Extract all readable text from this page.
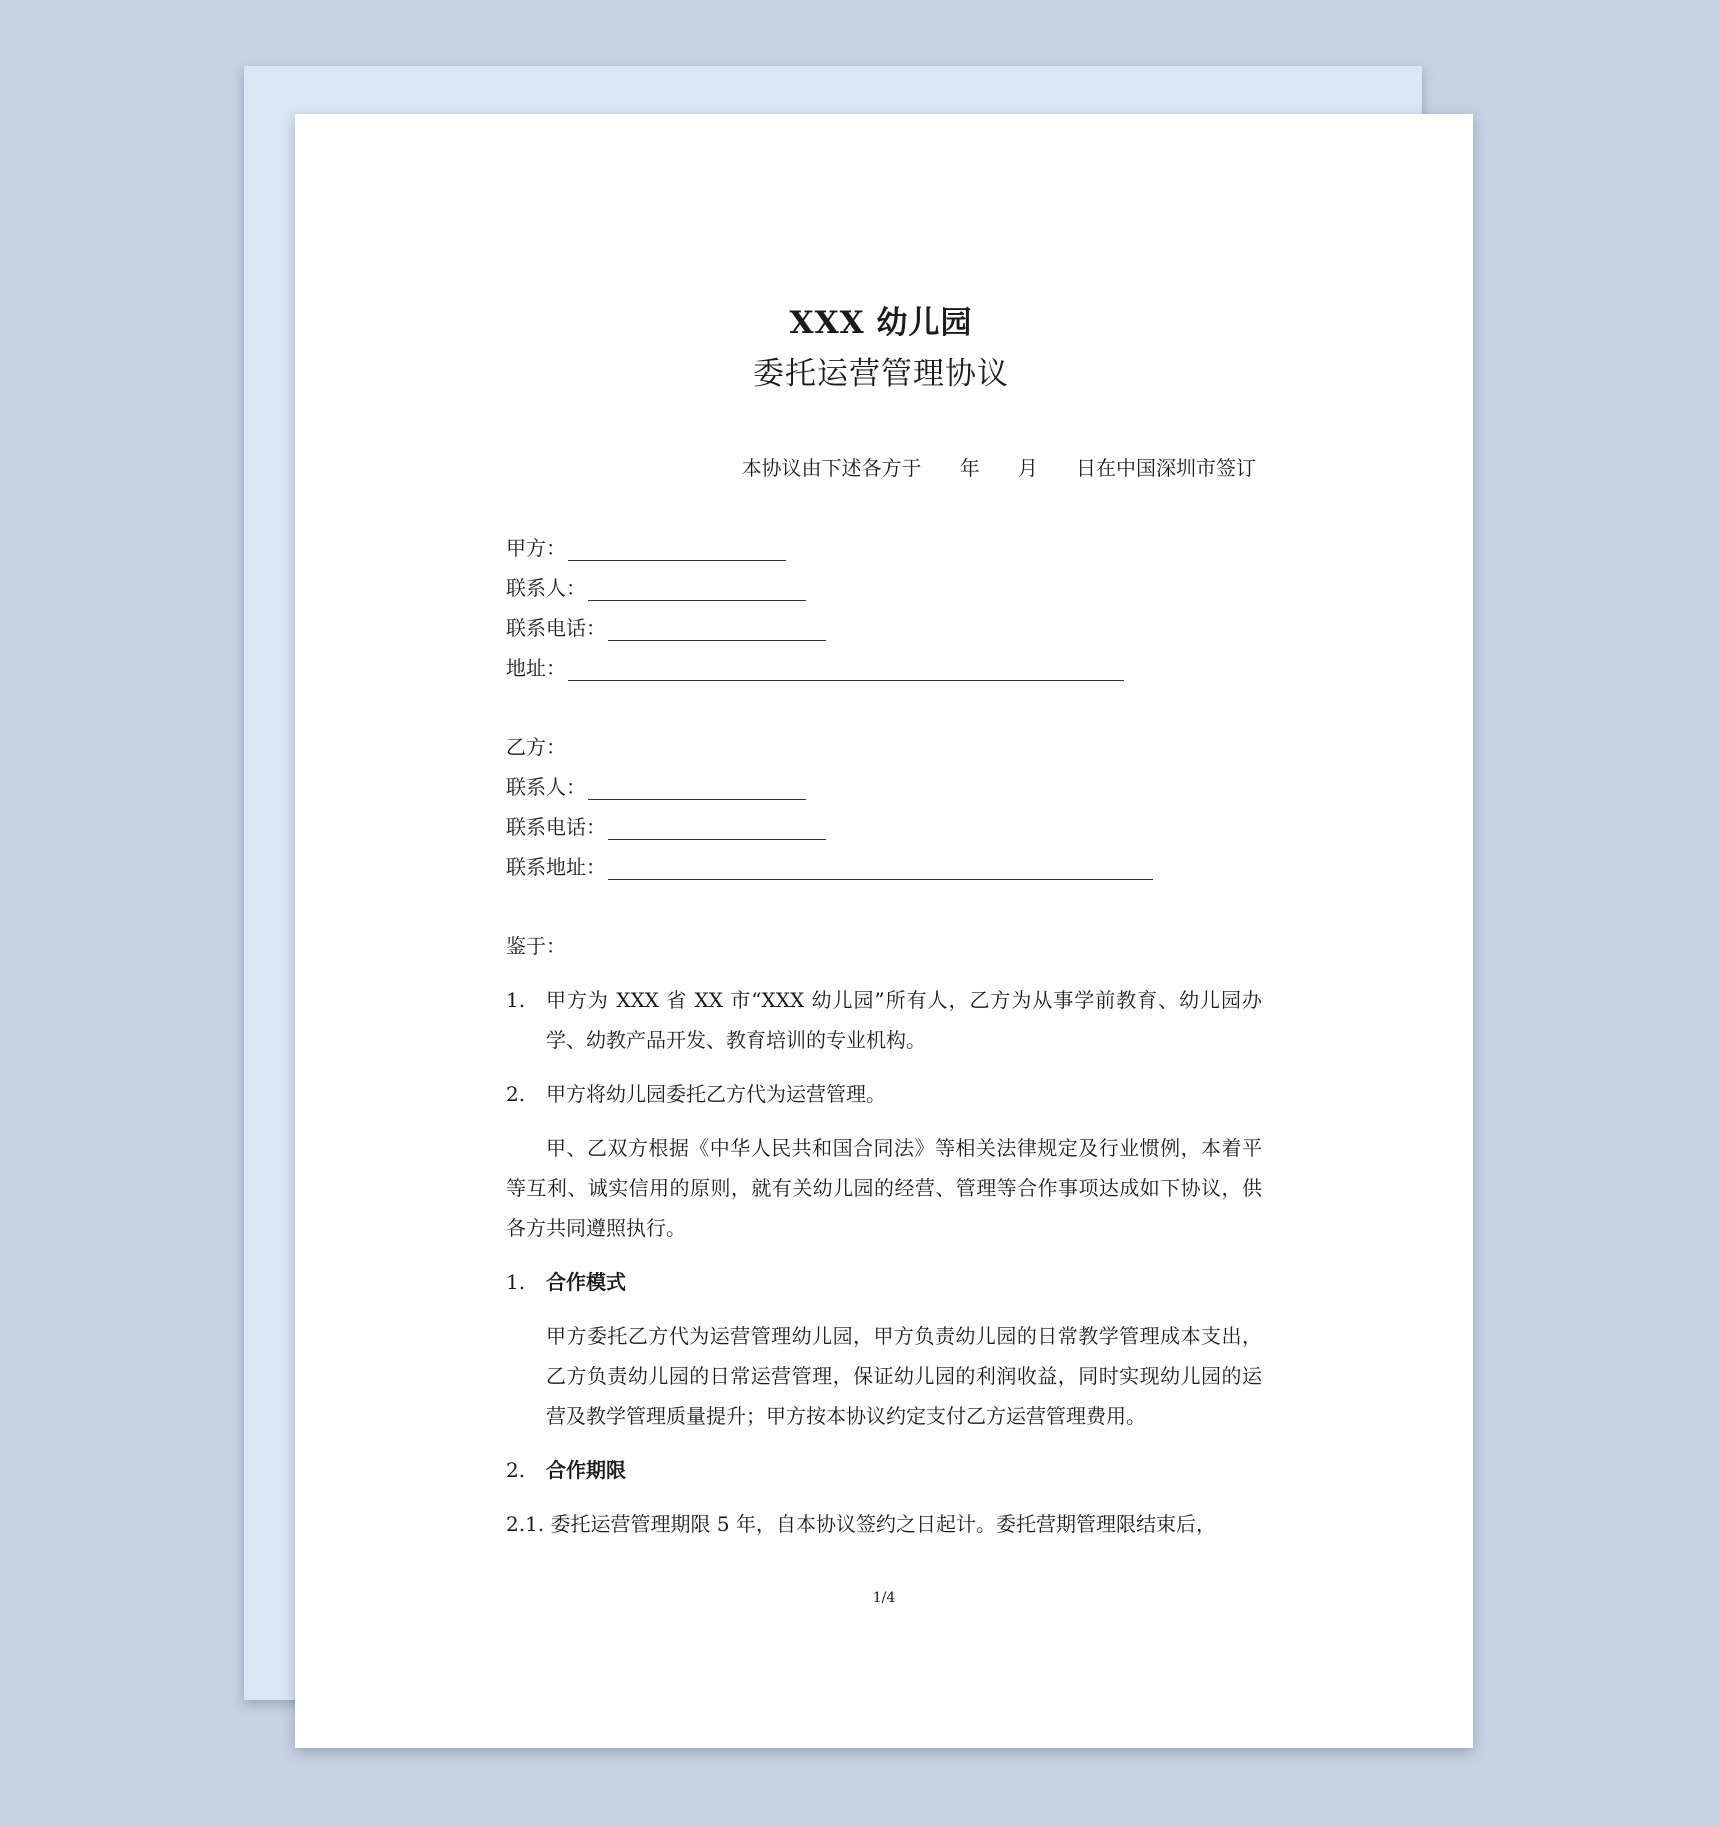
XXX 幼儿园
委托运营管理协议
本协议由下述各方于      年      月      日在中国深圳市签订
甲方：
联系人：
联系电话：
地址：
乙方：
联系人：
联系电话：
联系地址：
鉴于：
1. 甲方为 XXX 省 XX 市“XXX 幼儿园”所有人，乙方为从事学前教育、幼儿园办学、幼教产品开发、教育培训的专业机构。
2. 甲方将幼儿园委托乙方代为运营管理。
甲、乙双方根据《中华人民共和国合同法》等相关法律规定及行业惯例，本着平等互利、诚实信用的原则，就有关幼儿园的经营、管理等合作事项达成如下协议，供各方共同遵照执行。
1. 合作模式
甲方委托乙方代为运营管理幼儿园，甲方负责幼儿园的日常教学管理成本支出，乙方负责幼儿园的日常运营管理，保证幼儿园的利润收益，同时实现幼儿园的运营及教学管理质量提升；甲方按本协议约定支付乙方运营管理费用。
2. 合作期限
2.1. 委托运营管理期限 5 年，自本协议签约之日起计。委托营期管理限结束后，
1/4
